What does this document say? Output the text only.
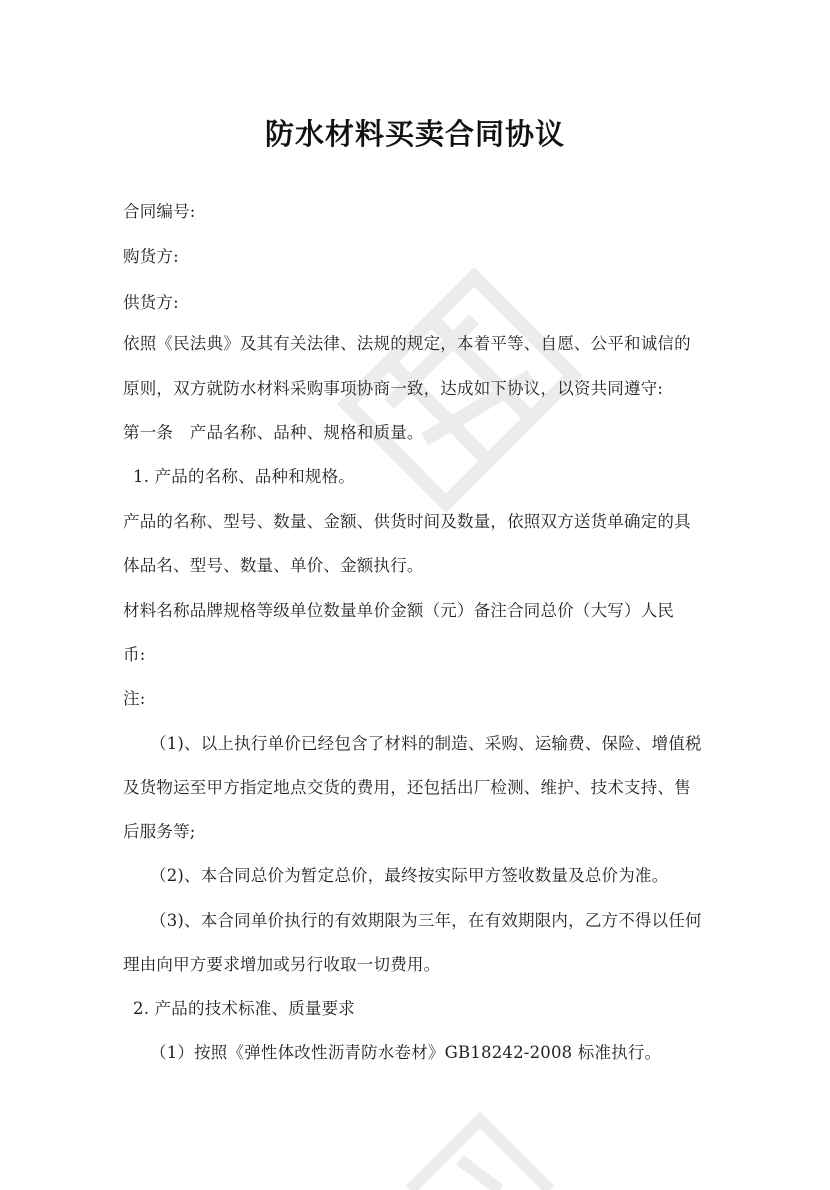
防水材料买卖合同协议
合同编号:
购货方:
供货方:
依照《民法典》及其有关法律、法规的规定，本着平等、自愿、公平和诚信的
原则，双方就防水材料采购事项协商一致，达成如下协议，以资共同遵守:
第一条　产品名称、品种、规格和质量。
1. 产品的名称、品种和规格。
产品的名称、型号、数量、金额、供货时间及数量，依照双方送货单确定的具
体品名、型号、数量、单价、金额执行。
材料名称品牌规格等级单位数量单价金额（元）备注合同总价（大写）人民
币:
注:
（1)、以上执行单价已经包含了材料的制造、采购、运输费、保险、增值税
及货物运至甲方指定地点交货的费用，还包括出厂检测、维护、技术支持、售
后服务等;
（2)、本合同总价为暂定总价，最终按实际甲方签收数量及总价为准。
（3)、本合同单价执行的有效期限为三年，在有效期限内，乙方不得以任何
理由向甲方要求增加或另行收取一切费用。
2. 产品的技术标准、质量要求
（1）按照《弹性体改性沥青防水卷材》GB18242-2008 标准执行。
